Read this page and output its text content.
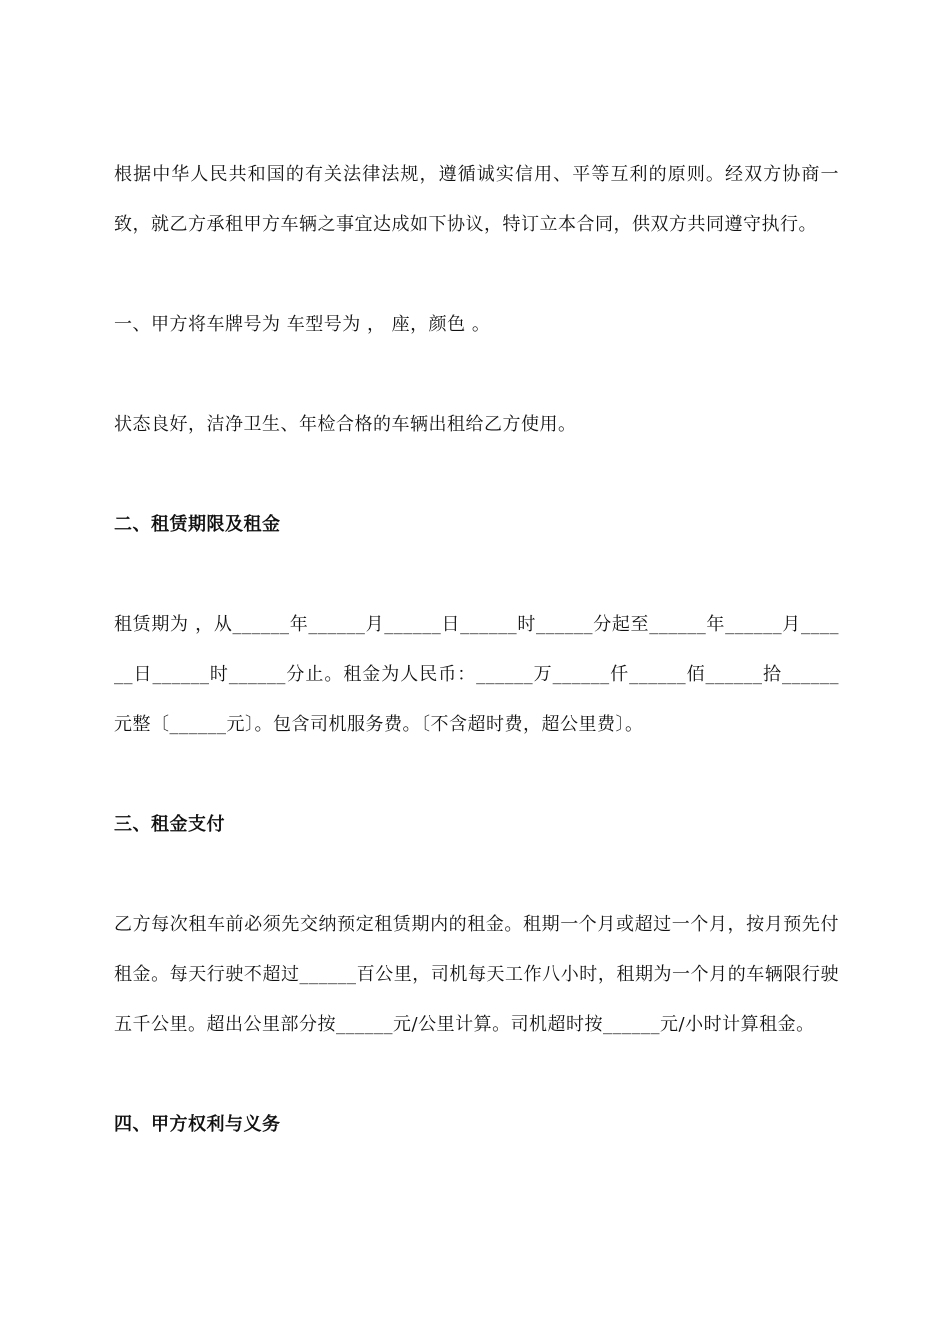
根据中华人民共和国的有关法律法规，遵循诚实信用、平等互利的原则。经双方协商一致，就乙方承租甲方车辆之事宜达成如下协议，特订立本合同，供双方共同遵守执行。

一、甲方将车牌号为 车型号为 ， 座，颜色 。

状态良好，洁净卫生、年检合格的车辆出租给乙方使用。

二、租赁期限及租金

租赁期为 ，从______年______月______日______时______分起至______年______月______日______时______分止。租金为人民币：______万______仟______佰______拾______元整〔______元〕。包含司机服务费。〔不含超时费，超公里费〕。

三、租金支付

乙方每次租车前必须先交纳预定租赁期内的租金。租期一个月或超过一个月，按月预先付租金。每天行驶不超过______百公里，司机每天工作八小时，租期为一个月的车辆限行驶五千公里。超出公里部分按______元/公里计算。司机超时按______元/小时计算租金。

四、甲方权利与义务
